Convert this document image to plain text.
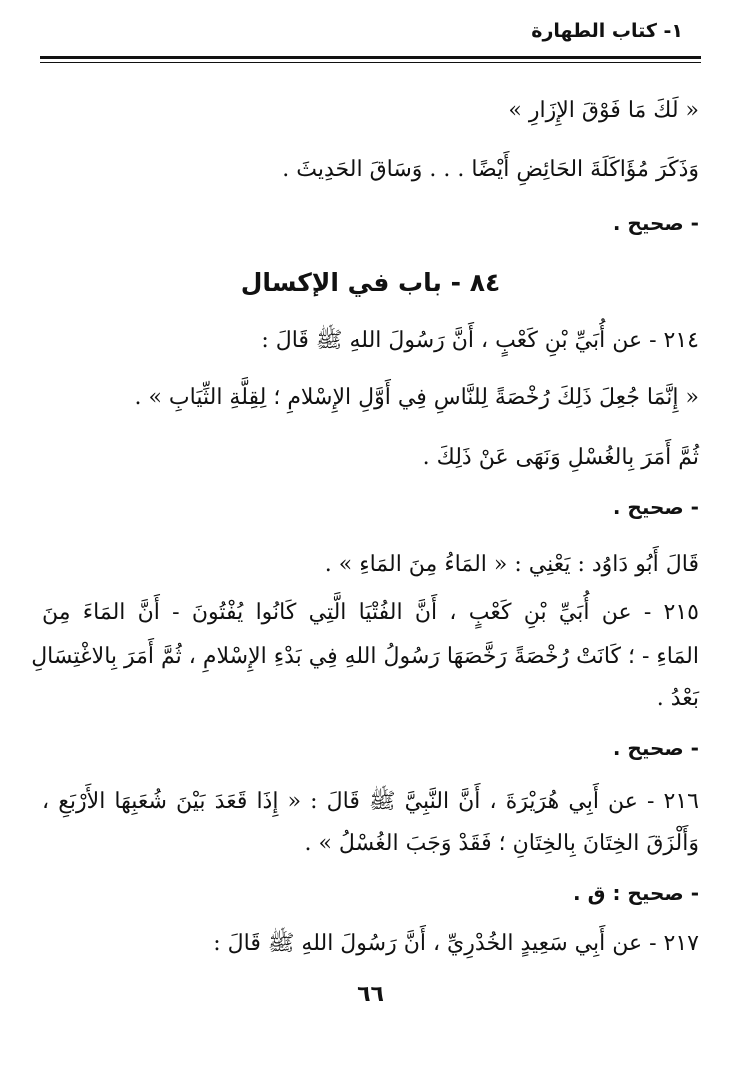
١- كتاب الطهارة
« لَكَ مَا فَوْقَ الإِزَارِ »
وَذَكَرَ مُؤَاكَلَةَ الحَائِضِ أَيْضًا . . . وَسَاقَ الحَدِيثَ .
- صحيح .
٨٤ - باب في الإكسال
٢١٤ - عن أُبَيِّ بْنِ كَعْبٍ ، أَنَّ رَسُولَ اللهِ ﷺ قَالَ :
« إِنَّمَا جُعِلَ ذَلِكَ رُخْصَةً لِلنَّاسِ فِي أَوَّلِ الإِسْلامِ ؛ لِقِلَّةِ الثِّيَابِ » .
ثُمَّ أَمَرَ بِالغُسْلِ وَنَهَى عَنْ ذَلِكَ .
- صحيح .
قَالَ أَبُو دَاوُد : يَعْنِي : « المَاءُ مِنَ المَاءِ » .
٢١٥ - عن أُبَيِّ بْنِ كَعْبٍ ، أَنَّ الفُتْيَا الَّتِي كَانُوا يُفْتُونَ - أَنَّ المَاءَ مِنَ
المَاءِ - ؛ كَانَتْ رُخْصَةً رَخَّصَهَا رَسُولُ اللهِ فِي بَدْءِ الإِسْلامِ ، ثُمَّ أَمَرَ بِالاغْتِسَالِ
بَعْدُ .
- صحيح .
٢١٦ - عن أَبِي هُرَيْرَةَ ، أَنَّ النَّبِيَّ ﷺ قَالَ : « إِذَا قَعَدَ بَيْنَ شُعَبِهَا الأَرْبَعِ ،
وَأَلْزَقَ الخِتَانَ بِالخِتَانِ ؛ فَقَدْ وَجَبَ الغُسْلُ » .
- صحيح : ق .
٢١٧ - عن أَبِي سَعِيدٍ الخُدْرِيِّ ، أَنَّ رَسُولَ اللهِ ﷺ قَالَ :
٦٦
